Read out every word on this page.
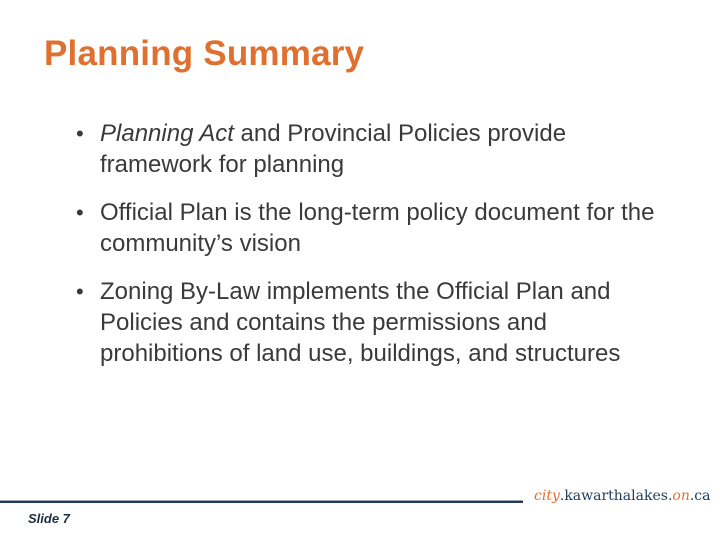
Planning Summary
• Planning Act and Provincial Policies provide framework for planning
• Official Plan is the long-term policy document for the community’s vision
• Zoning By-Law implements the Official Plan and Policies and contains the permissions and prohibitions of land use, buildings, and structures
city.kawarthalakes.on.ca
Slide 7
